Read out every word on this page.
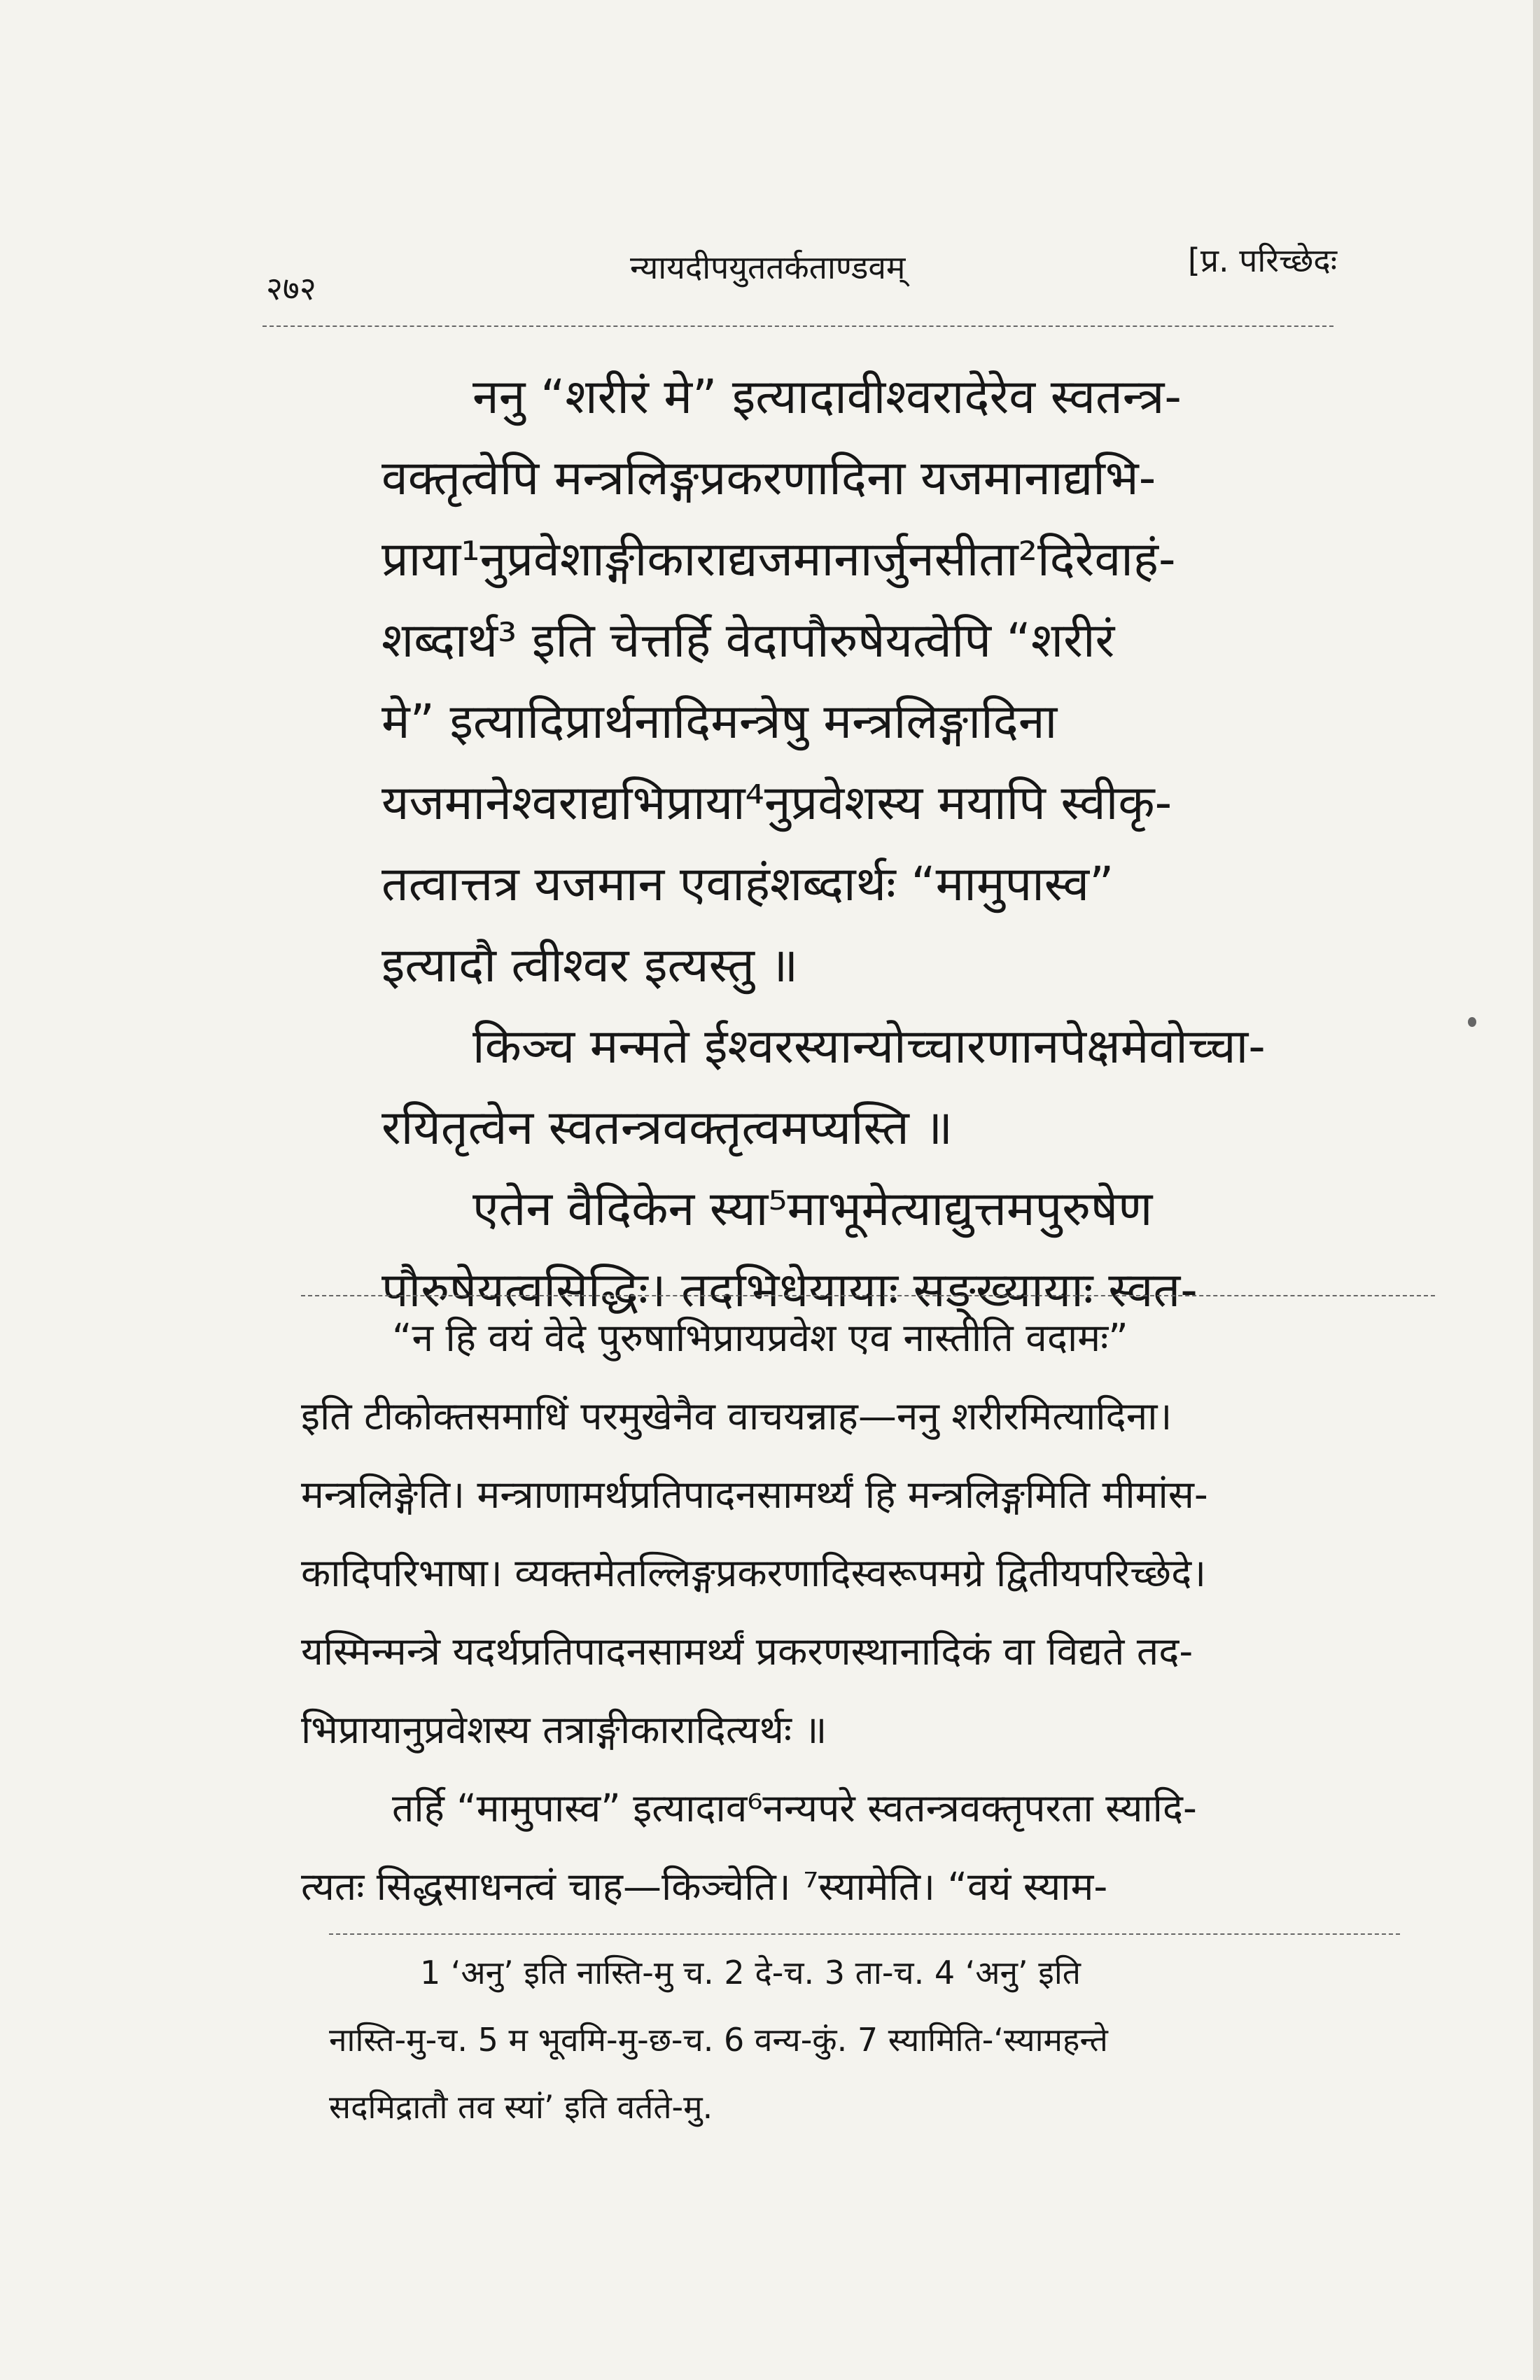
२७२
न्यायदीपयुततर्कताण्डवम्	[प्र. परिच्छेदः
ननु “शरीरं मे” इत्यादावीश्वरादेरेव स्वतन्त्र-
वक्तृत्वेपि मन्त्रलिङ्गप्रकरणादिना यजमानाद्यभि-
प्राया¹नुप्रवेशाङ्गीकाराद्यजमानार्जुनसीता²दिरेवाहं-
शब्दार्थ³ इति चेत्तर्हि वेदापौरुषेयत्वेपि “शरीरं
मे” इत्यादिप्रार्थनादिमन्त्रेषु मन्त्रलिङ्गादिना
यजमानेश्वराद्यभिप्राया⁴नुप्रवेशस्य मयापि स्वीकृ-
तत्वात्तत्र यजमान एवाहंशब्दार्थः “मामुपास्व”
इत्यादौ त्वीश्वर इत्यस्तु ॥
किञ्च मन्मते ईश्वरस्यान्योच्चारणानपेक्षमेवोच्चा-
रयितृत्वेन स्वतन्त्रवक्तृत्वमप्यस्ति ॥
एतेन वैदिकेन स्या⁵माभूमेत्याद्युत्तमपुरुषेण
पौरुषेयत्वसिद्धिः। तदभिधेयायाः सङ्ख्यायाः स्वत-
“न हि वयं वेदे पुरुषाभिप्रायप्रवेश एव नास्तीति वदामः”
इति टीकोक्तसमाधिं परमुखेनैव वाचयन्नाह—ननु शरीरमित्यादिना।
मन्त्रलिङ्गेति। मन्त्राणामर्थप्रतिपादनसामर्थ्यं हि मन्त्रलिङ्गमिति मीमांस-
कादिपरिभाषा। व्यक्तमेतल्लिङ्गप्रकरणादिस्वरूपमग्रे द्वितीयपरिच्छेदे।
यस्मिन्मन्त्रे यदर्थप्रतिपादनसामर्थ्यं प्रकरणस्थानादिकं वा विद्यते तद-
भिप्रायानुप्रवेशस्य तत्राङ्गीकारादित्यर्थः ॥
तर्हि “मामुपास्व” इत्यादाव⁶नन्यपरे स्वतन्त्रवक्तृपरता स्यादि-
त्यतः सिद्धसाधनत्वं चाह—किञ्चेति। ⁷स्यामेति। “वयं स्याम-
1 ‘अनु’ इति नास्ति-मु च. 2 दे-च. 3 ता-च. 4 ‘अनु’ इति
नास्ति-मु-च. 5 म भूवमि-मु-छ-च. 6 वन्य-कुं. 7 स्यामिति-‘स्यामहन्ते
सदमिद्रातौ तव स्यां’ इति वर्तते-मु.
